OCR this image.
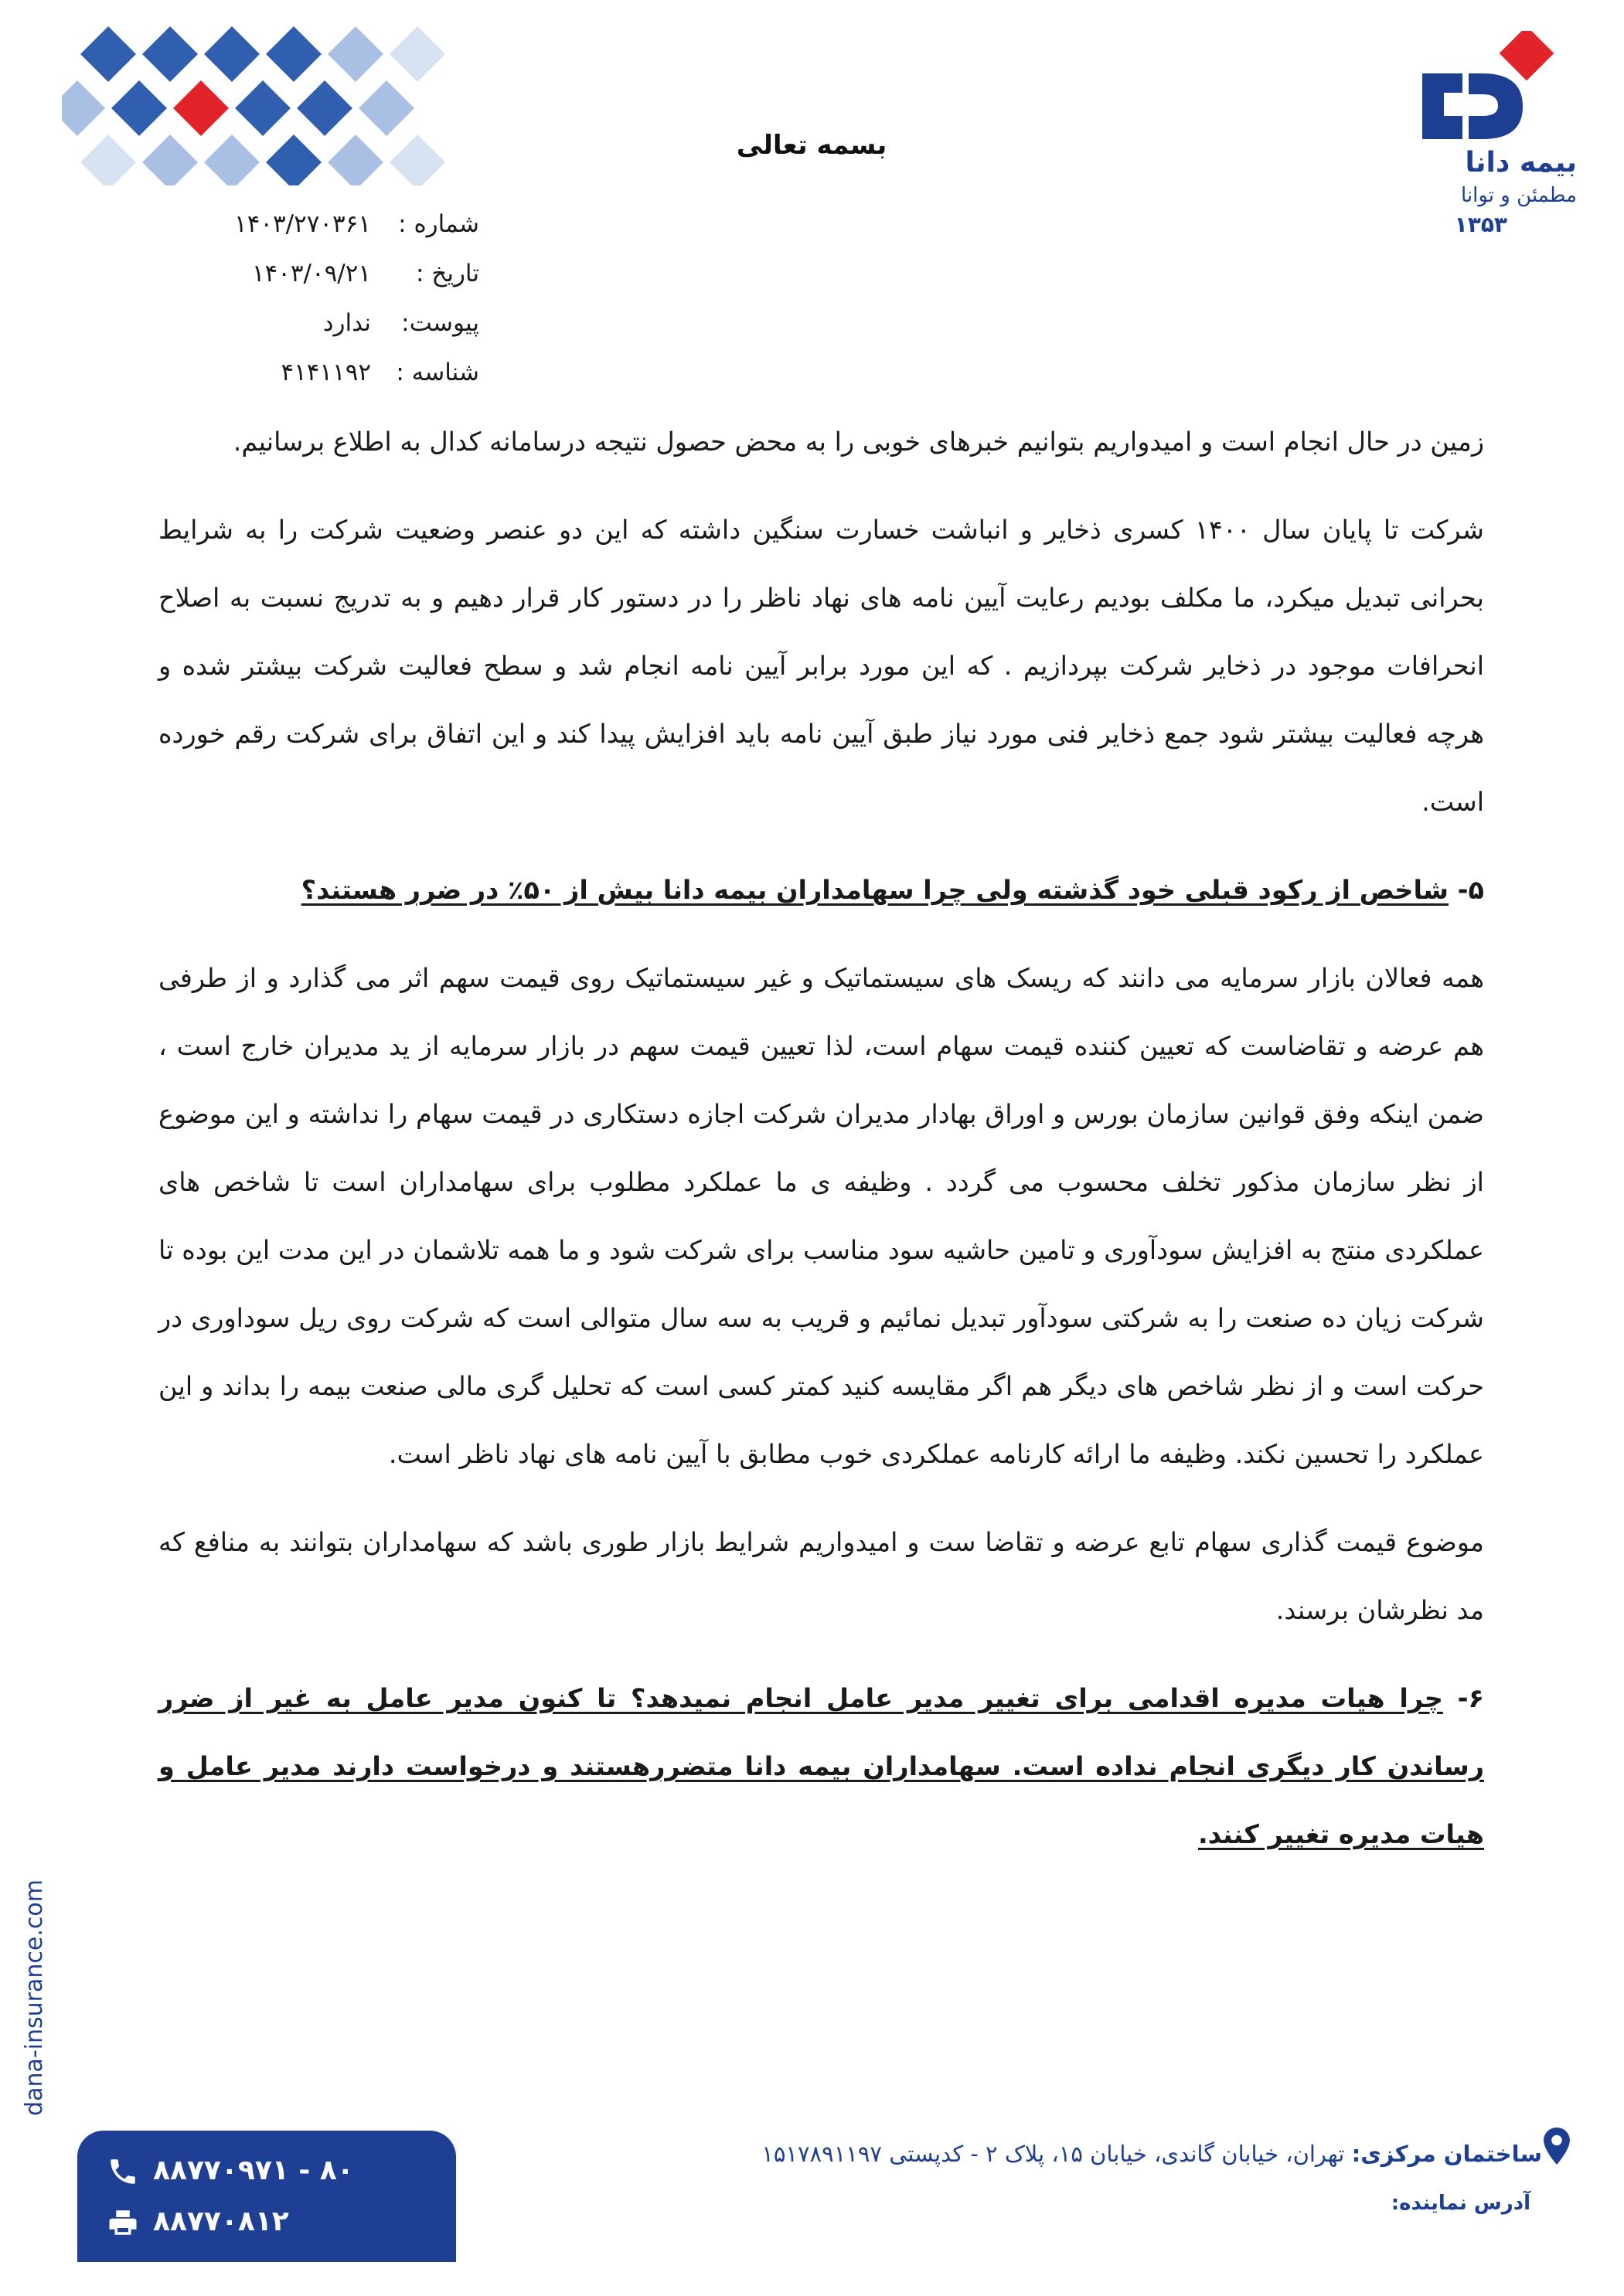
بیمه دانا
مطمئن و توانا
۱۳۵۳
بسمه تعالی
شماره :
۱۴۰۳/۲۷۰۳۶۱
تاریخ :
۱۴۰۳/۰۹/۲۱
پیوست:
ندارد
شناسه :
۴۱۴۱۱۹۲

زمین در حال انجام است و امیدواریم بتوانیم خبرهای خوبی را به محض حصول نتیجه درسامانه کدال به اطلاع برسانیم.

شرکت تا پایان سال ۱۴۰۰ کسری ذخایر و انباشت خسارت سنگین داشته که این دو عنصر وضعیت شرکت را به شرایط بحرانی تبدیل میکرد، ما مکلف بودیم رعایت آیین نامه های نهاد ناظر را در دستور کار قرار دهیم و به تدریج نسبت به اصلاح انحرافات موجود در ذخایر شرکت بپردازیم . که این مورد برابر آیین نامه انجام شد و سطح فعالیت شرکت بیشتر شده و هرچه فعالیت بیشتر شود جمع ذخایر فنی مورد نیاز طبق آیین نامه باید افزایش پیدا کند و این اتفاق برای شرکت رقم خورده است.

۵- شاخص از رکود قبلی خود گذشته ولی چرا سهامداران بیمه دانا بیش از ۵۰٪ در ضرر هستند؟

همه فعالان بازار سرمایه می دانند که ریسک های سیستماتیک و غیر سیستماتیک روی قیمت سهم اثر می گذارد و از طرفی هم عرضه و تقاضاست که تعیین کننده قیمت سهام است، لذا تعیین قیمت سهم در بازار سرمایه از ید مدیران خارج است ، ضمن اینکه وفق قوانین سازمان بورس و اوراق بهادار مدیران شرکت اجازه دستکاری در قیمت سهام را نداشته و این موضوع از نظر سازمان مذکور تخلف محسوب می گردد . وظیفه ی ما عملکرد مطلوب برای سهامداران است تا شاخص های عملکردی منتج به افزایش سودآوری و تامین حاشیه سود مناسب برای شرکت شود و ما همه تلاشمان در این مدت این بوده تا شرکت زیان ده صنعت را به شرکتی سودآور تبدیل نمائیم و قریب به سه سال متوالی است که شرکت روی ریل سوداوری در حرکت است و از نظر شاخص های دیگر هم اگر مقایسه کنید کمتر کسی است که تحلیل گری مالی صنعت بیمه را بداند و این عملکرد را تحسین نکند. وظیفه ما ارائه کارنامه عملکردی خوب مطابق با آیین نامه های نهاد ناظر است.

موضوع قیمت گذاری سهام تابع عرضه و تقاضا ست و امیدواریم شرایط بازار طوری باشد که سهامداران بتوانند به منافع که مد نظرشان برسند.

۶- چرا هیات مدیره اقدامی برای تغییر مدیر عامل انجام نمیدهد؟ تا کنون مدیر عامل به غیر از ضرر رساندن کار دیگری انجام نداده است. سهامداران بیمه دانا متضررهستند و درخواست دارند مدیر عامل و هیات مدیره تغییر کنند.

dana-insurance.com
۸۸۷۷۰۹۷۱ - ۸۰
۸۸۷۷۰۸۱۲
ساختمان مرکزی: تهران، خیابان گاندی، خیابان ۱۵، پلاک ۲ - کدپستی ۱۵۱۷۸۹۱۱۹۷
آدرس نماینده:
